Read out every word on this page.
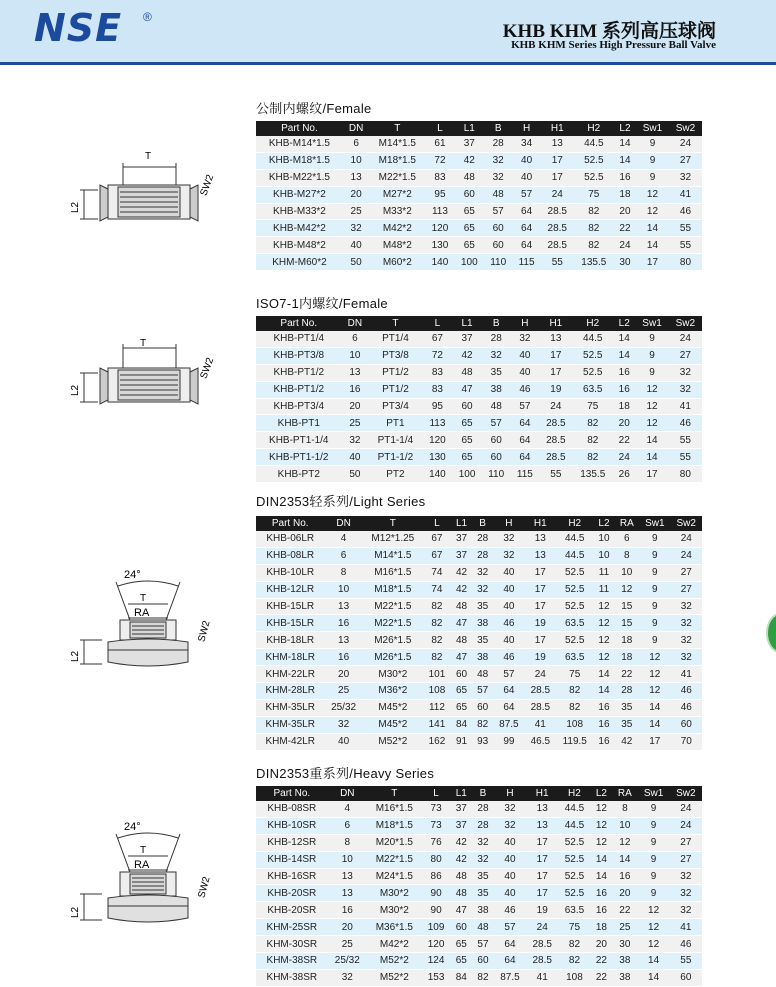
NSE ®
KHB KHM 系列高压球阀
KHB KHM Series High Pressure Ball Valve
公制内螺纹/Female
Part No.	DN	T	L	L1	B	H	H1	H2	L2	Sw1	Sw2
KHB-M14*1.5	6	M14*1.5	61	37	28	34	13	44.5	14	9	24
KHB-M18*1.5	10	M18*1.5	72	42	32	40	17	52.5	14	9	27
KHB-M22*1.5	13	M22*1.5	83	48	32	40	17	52.5	16	9	32
KHB-M27*2	20	M27*2	95	60	48	57	24	75	18	12	41
KHB-M33*2	25	M33*2	113	65	57	64	28.5	82	20	12	46
KHB-M42*2	32	M42*2	120	65	60	64	28.5	82	22	14	55
KHB-M48*2	40	M48*2	130	65	60	64	28.5	82	24	14	55
KHM-M60*2	50	M60*2	140	100	110	115	55	135.5	30	17	80
ISO7-1内螺纹/Female
Part No.	DN	T	L	L1	B	H	H1	H2	L2	Sw1	Sw2
KHB-PT1/4	6	PT1/4	67	37	28	32	13	44.5	14	9	24
KHB-PT3/8	10	PT3/8	72	42	32	40	17	52.5	14	9	27
KHB-PT1/2	13	PT1/2	83	48	35	40	17	52.5	16	9	32
KHB-PT1/2	16	PT1/2	83	47	38	46	19	63.5	16	12	32
KHB-PT3/4	20	PT3/4	95	60	48	57	24	75	18	12	41
KHB-PT1	25	PT1	113	65	57	64	28.5	82	20	12	46
KHB-PT1-1/4	32	PT1-1/4	120	65	60	64	28.5	82	22	14	55
KHB-PT1-1/2	40	PT1-1/2	130	65	60	64	28.5	82	24	14	55
KHB-PT2	50	PT2	140	100	110	115	55	135.5	26	17	80
DIN2353轻系列/Light Series
Part No.	DN	T	L	L1	B	H	H1	H2	L2	RA	Sw1	Sw2
KHB-06LR	4	M12*1.25	67	37	28	32	13	44.5	10	6	9	24
KHB-08LR	6	M14*1.5	67	37	28	32	13	44.5	10	8	9	24
KHB-10LR	8	M16*1.5	74	42	32	40	17	52.5	11	10	9	27
KHB-12LR	10	M18*1.5	74	42	32	40	17	52.5	11	12	9	27
KHB-15LR	13	M22*1.5	82	48	35	40	17	52.5	12	15	9	32
KHB-15LR	16	M22*1.5	82	47	38	46	19	63.5	12	15	9	32
KHB-18LR	13	M26*1.5	82	48	35	40	17	52.5	12	18	9	32
KHM-18LR	16	M26*1.5	82	47	38	46	19	63.5	12	18	12	32
KHM-22LR	20	M30*2	101	60	48	57	24	75	14	22	12	41
KHM-28LR	25	M36*2	108	65	57	64	28.5	82	14	28	12	46
KHM-35LR	25/32	M45*2	112	65	60	64	28.5	82	16	35	14	46
KHM-35LR	32	M45*2	141	84	82	87.5	41	108	16	35	14	60
KHM-42LR	40	M52*2	162	91	93	99	46.5	119.5	16	42	17	70
DIN2353重系列/Heavy Series
Part No.	DN	T	L	L1	B	H	H1	H2	L2	RA	Sw1	Sw2
KHB-08SR	4	M16*1.5	73	37	28	32	13	44.5	12	8	9	24
KHB-10SR	6	M18*1.5	73	37	28	32	13	44.5	12	10	9	24
KHB-12SR	8	M20*1.5	76	42	32	40	17	52.5	12	12	9	27
KHB-14SR	10	M22*1.5	80	42	32	40	17	52.5	14	14	9	27
KHB-16SR	13	M24*1.5	86	48	35	40	17	52.5	14	16	9	32
KHB-20SR	13	M30*2	90	48	35	40	17	52.5	16	20	9	32
KHB-20SR	16	M30*2	90	47	38	46	19	63.5	16	22	12	32
KHM-25SR	20	M36*1.5	109	60	48	57	24	75	18	25	12	41
KHM-30SR	25	M42*2	120	65	57	64	28.5	82	20	30	12	46
KHM-38SR	25/32	M52*2	124	65	60	64	28.5	82	22	38	14	55
KHM-38SR	32	M52*2	153	84	82	87.5	41	108	22	38	14	60
T
L2
SW2
T
L2
SW2
24°
T
RA
L2
SW2
24°
T
RA
L2
SW2
